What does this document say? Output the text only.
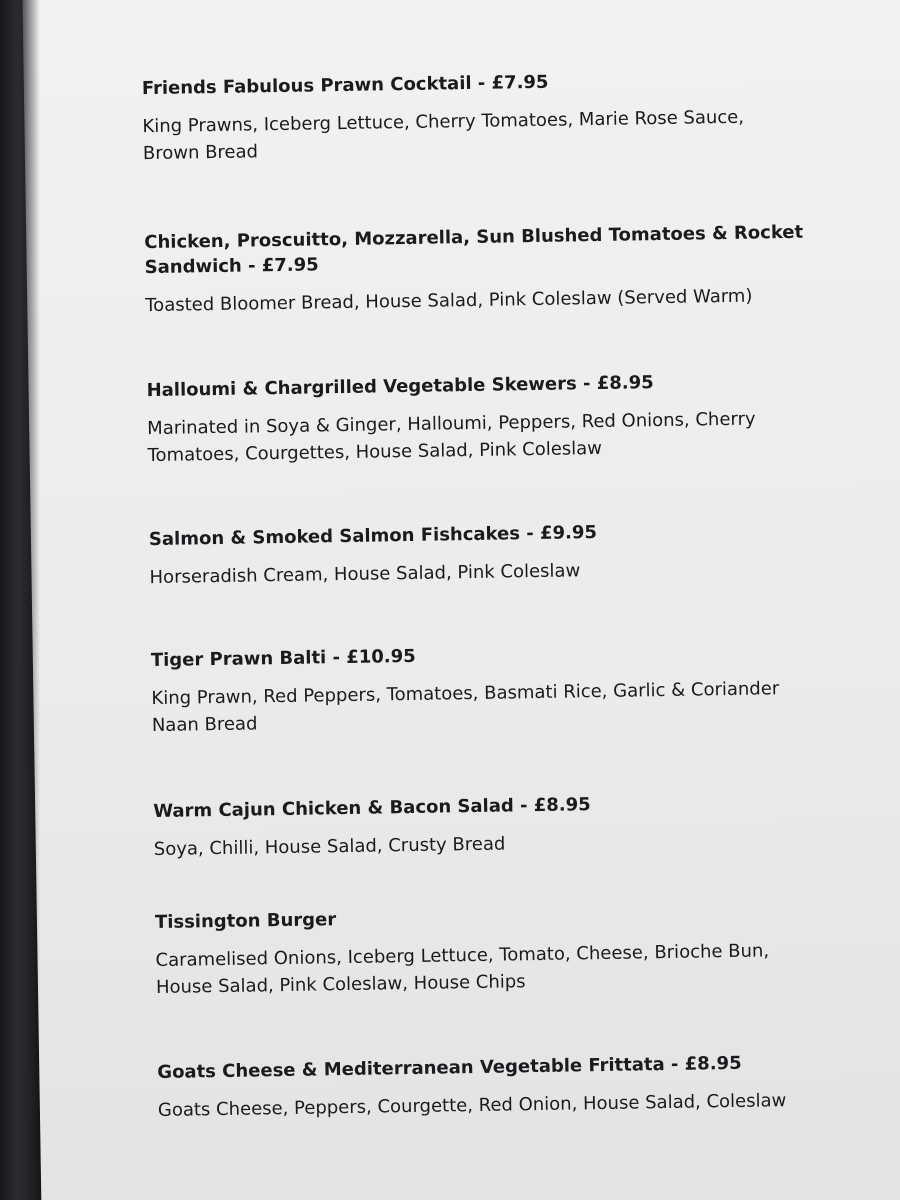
Friends Fabulous Prawn Cocktail - £7.95

King Prawns, Iceberg Lettuce, Cherry Tomatoes, Marie Rose Sauce, Brown Bread

Chicken, Proscuitto, Mozzarella, Sun Blushed Tomatoes & Rocket Sandwich - £7.95

Toasted Bloomer Bread, House Salad, Pink Coleslaw (Served Warm)

Halloumi & Chargrilled Vegetable Skewers - £8.95

Marinated in Soya & Ginger, Halloumi, Peppers, Red Onions, Cherry Tomatoes, Courgettes, House Salad, Pink Coleslaw

Salmon & Smoked Salmon Fishcakes - £9.95

Horseradish Cream, House Salad, Pink Coleslaw

Tiger Prawn Balti - £10.95

King Prawn, Red Peppers, Tomatoes, Basmati Rice, Garlic & Coriander Naan Bread

Warm Cajun Chicken & Bacon Salad - £8.95

Soya, Chilli, House Salad, Crusty Bread

Tissington Burger

Caramelised Onions, Iceberg Lettuce, Tomato, Cheese, Brioche Bun, House Salad, Pink Coleslaw, House Chips

Goats Cheese & Mediterranean Vegetable Frittata - £8.95

Goats Cheese, Peppers, Courgette, Red Onion, House Salad, Coleslaw
